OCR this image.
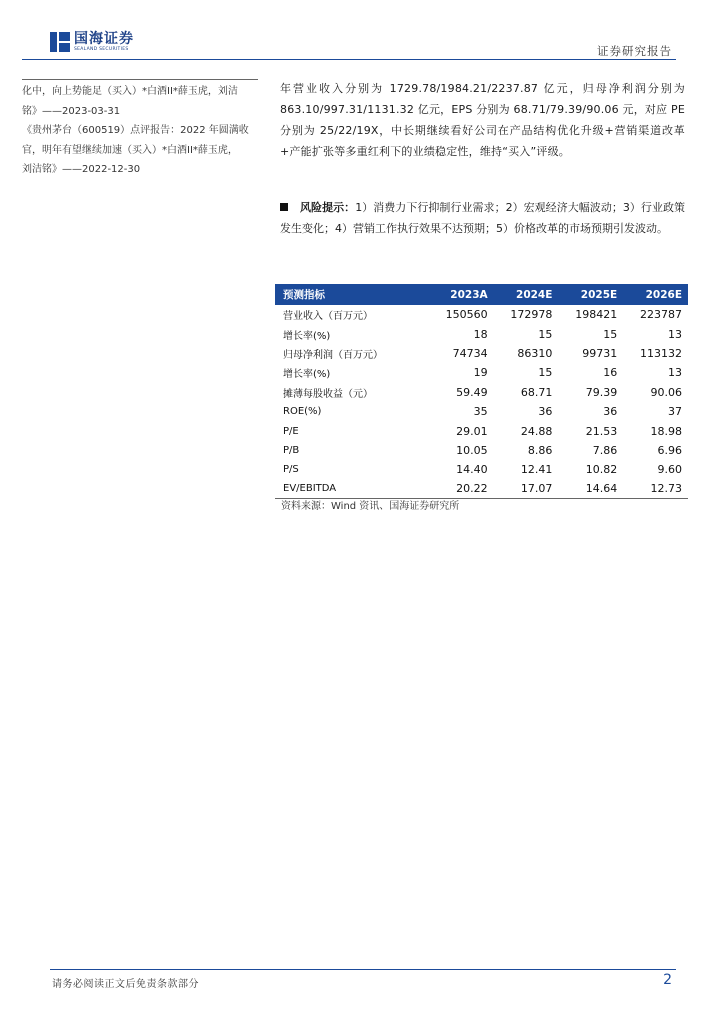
国海证券
SEALAND SECURITIES	证券研究报告

化中，向上势能足（买入）*白酒II*薛玉虎，刘洁

铭》——2023-03-31

《贵州茅台（600519）点评报告：2022 年圆满收

官，明年有望继续加速（买入）*白酒II*薛玉虎，

刘洁铭》——2022-12-30

年营业收入分别为 1729.78/1984.21/2237.87 亿元，归母净利润分别为 863.10/997.31/1131.32 亿元，EPS 分别为 68.71/79.39/90.06 元，对应 PE 分别为 25/22/19X，中长期继续看好公司在产品结构优化升级+营销渠道改革+产能扩张等多重红利下的业绩稳定性，维持“买入”评级。
风险提示：1）消费力下行抑制行业需求；2）宏观经济大幅波动；3）行业政策发生变化；4）营销工作执行效果不达预期；5）价格改革的市场预期引发波动。
预测指标	2023A	2024E	2025E	2026E
营业收入（百万元）	150560	172978	198421	223787
增长率(%)	18	15	15	13
归母净利润（百万元）	74734	86310	99731	113132
增长率(%)	19	15	16	13
摊薄每股收益（元）	59.49	68.71	79.39	90.06
ROE(%)	35	36	36	37
P/E	29.01	24.88	21.53	18.98
P/B	10.05	8.86	7.86	6.96
P/S	14.40	12.41	10.82	9.60
EV/EBITDA	20.22	17.07	14.64	12.73
资料来源：Wind 资讯、国海证券研究所
请务必阅读正文后免责条款部分	2
